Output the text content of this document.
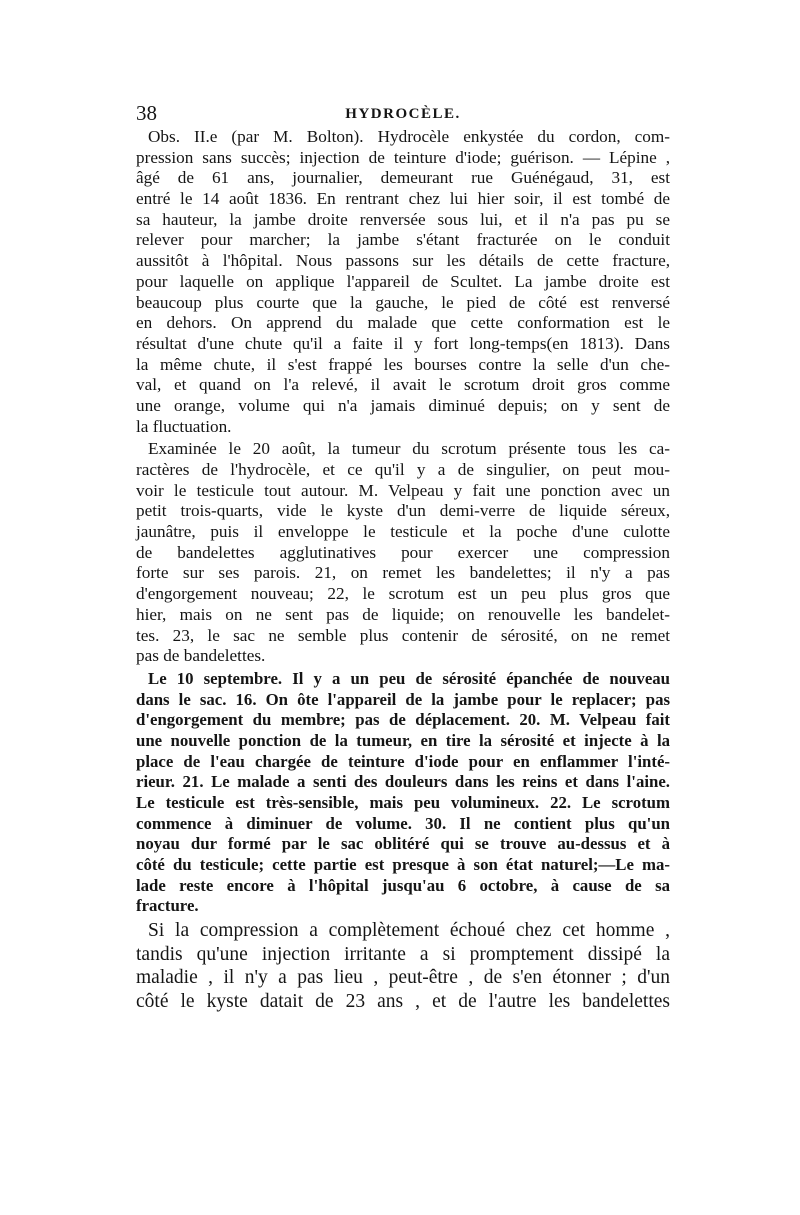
38	HYDROCÈLE.
Obs. II.e (par M. Bolton). Hydrocèle enkystée du cordon, com-
pression sans succès; injection de teinture d'iode; guérison. — Lépine ,
âgé de 61 ans, journalier, demeurant rue Guénégaud, 31, est
entré le 14 août 1836. En rentrant chez lui hier soir, il est tombé de
sa hauteur, la jambe droite renversée sous lui, et il n'a pas pu se
relever pour marcher; la jambe s'étant fracturée on le conduit
aussitôt à l'hôpital. Nous passons sur les détails de cette fracture,
pour laquelle on applique l'appareil de Scultet. La jambe droite est
beaucoup plus courte que la gauche, le pied de côté est renversé
en dehors. On apprend du malade que cette conformation est le
résultat d'une chute qu'il a faite il y fort long-temps(en 1813). Dans
la même chute, il s'est frappé les bourses contre la selle d'un che-
val, et quand on l'a relevé, il avait le scrotum droit gros comme
une orange, volume qui n'a jamais diminué depuis; on y sent de
la fluctuation.
Examinée le 20 août, la tumeur du scrotum présente tous les ca-
ractères de l'hydrocèle, et ce qu'il y a de singulier, on peut mou-
voir le testicule tout autour. M. Velpeau y fait une ponction avec un
petit trois-quarts, vide le kyste d'un demi-verre de liquide séreux,
jaunâtre, puis il enveloppe le testicule et la poche d'une culotte
de bandelettes agglutinatives pour exercer une compression
forte sur ses parois. 21, on remet les bandelettes; il n'y a pas
d'engorgement nouveau; 22, le scrotum est un peu plus gros que
hier, mais on ne sent pas de liquide; on renouvelle les bandelet-
tes. 23, le sac ne semble plus contenir de sérosité, on ne remet
pas de bandelettes.
Le 10 septembre. Il y a un peu de sérosité épanchée de nouveau
dans le sac. 16. On ôte l'appareil de la jambe pour le replacer; pas
d'engorgement du membre; pas de déplacement. 20. M. Velpeau fait
une nouvelle ponction de la tumeur, en tire la sérosité et injecte à la
place de l'eau chargée de teinture d'iode pour en enflammer l'inté-
rieur. 21. Le malade a senti des douleurs dans les reins et dans l'aine.
Le testicule est très-sensible, mais peu volumineux. 22. Le scrotum
commence à diminuer de volume. 30. Il ne contient plus qu'un
noyau dur formé par le sac oblitéré qui se trouve au-dessus et à
côté du testicule; cette partie est presque à son état naturel;—Le ma-
lade reste encore à l'hôpital jusqu'au 6 octobre, à cause de sa
fracture.
Si la compression a complètement échoué chez cet homme ,
tandis qu'une injection irritante a si promptement dissipé la
maladie , il n'y a pas lieu , peut-être , de s'en étonner ; d'un
côté le kyste datait de 23 ans , et de l'autre les bandelettes
